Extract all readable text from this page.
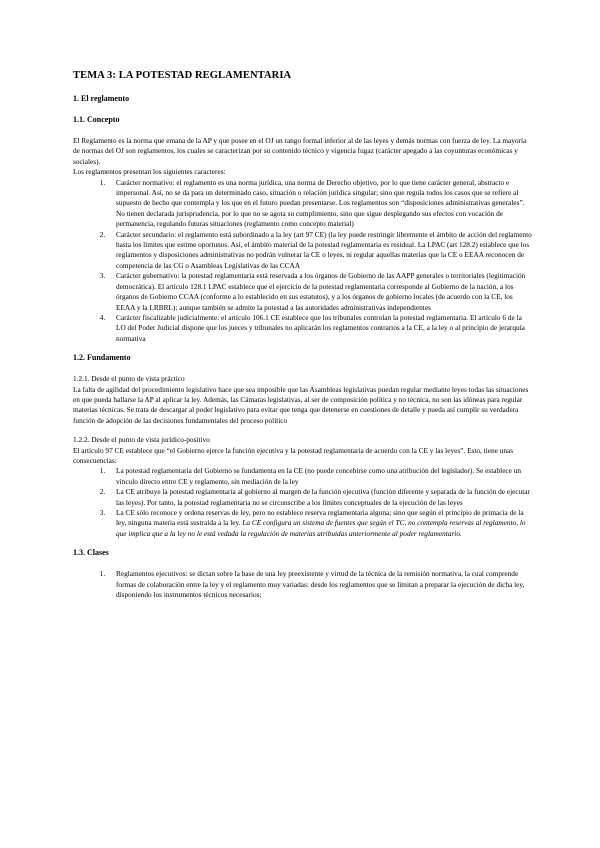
TEMA 3: LA POTESTAD REGLAMENTARIA
1. El reglamento
1.1. Concepto

El Reglamento es la norma que emana de la AP y que posee en el OJ un rango formal inferior al de las leyes y demás normas con fuerza de ley. La mayoría de normas del OJ son reglamentos, los cuales se caracterizan por su contenido técnico y vigencia fugaz (carácter apegado a las coyunturas económicas y sociales).

Los reglamentos presentan los siguientes caracteres:

1. Carácter normativo: el reglamento es una norma jurídica, una norma de Derecho objetivo, por lo que tiene carácter general, abstracto e impersonal. Así, no se da para un determinado caso, situación o relación jurídica singular; sino que regula todos los casos que se refiere al supuesto de hecho que contempla y los que en el futuro puedan presentarse. Los reglamentos son “disposiciones administrativas generales”. No tienen declarada jurisprudencia, por lo que no se agota su cumplimiento, sino que sigue desplegando sus efectos con vocación de permanencia, regulando futuras situaciones (reglamento como concepto material)
2. Carácter secundario: el reglamento está subordinado a la ley (art 97 CE) (la ley puede restringir libremente el ámbito de acción del reglamento hasta los límites que estime oportunos. Así, el ámbito material de la potestad reglamentaria es residual. La LPAC (art 128.2) establece que los reglamentos y disposiciones administrativas no podrán vulnerar la CE o leyes, ni regular aquellas materias que la CE o EEAA reconocen de competencia de las CG o Asambleas Legislativas de las CCAA
3. Carácter gubernativo: la potestad reglamentaria está reservada a los órganos de Gobierno de las AAPP generales o territoriales (legitimación democrática). El artículo 128.1 LPAC establece que el ejercicio de la potestad reglamentaria corresponde al Gobierno de la nación, a los órganos de Gobierno CCAA (conforme a lo establecido en sus estatutos), y a los órganos de gobierno locales (de acuerdo con la CE, los EEAA y la LRBRL); aunque también se admite la potestad a las autoridades administrativas independientes
4. Carácter fiscalizable judicialmente: el artículo 106.1 CE establece que los tribunales controlan la potestad reglamentaria. El artículo 6 de la LO del Poder Judicial dispone que los jueces y tribunales no aplicarán los reglamentos contrarios a la CE, a la ley o al principio de jerarquía normativa
1.2. Fundamento

1.2.1. Desde el punto de vista práctico

La falta de agilidad del procedimiento legislativo hace que sea imposible que las Asambleas legislativas puedan regular mediante leyes todas las situaciones en que pueda hallarse la AP al aplicar la ley. Además, las Cámaras legislativas, al ser de composición política y no técnica, no son las idóneas para regular materias técnicas. Se trata de descargar al poder legislativo para evitar que tenga que detenerse en cuestiones de detalle y pueda así cumplir su verdadera función de adopción de las decisiones fundamentales del proceso político

1.2.2. Desde el punto de vista jurídico-positivo

El artículo 97 CE establece que “el Gobierno ejerce la función ejecutiva y la potestad reglamentaria de acuerdo con la CE y las leyes”. Esto, tiene unas consecuencias:

1. La potestad reglamentaria del Gobierno se fundamenta en la CE (no puede concebirse como una atribución del legislador). Se establece un vínculo directo entre CE y reglamento, sin mediación de la ley
2. La CE atribuye la potestad reglamentaria al gobierno al margen de la función ejecutiva (función diferente y separada de la función de ejecutar las leyes). Por tanto, la potestad reglamentaria no se circunscribe a los límites conceptuales de la ejecución de las leyes
3. La CE sólo reconoce y ordena reservas de ley, pero no establece reserva reglamentaria alguna; sino que según el principio de primacía de la ley, ninguna materia está sustraída a la ley. La CE configura un sistema de fuentes que según el TC, no contempla reservas al reglamento, lo que implica que a la ley no le está vedada la regulación de materias atribuidas anteriormente al poder reglamentario.
1.3. Clases
1. Reglamentos ejecutivos: se dictan sobre la base de una ley preexistente y virtud de la técnica de la remisión normativa, la cual comprende formas de colaboración entre la ley y el reglamento muy variadas: desde los reglamentos que se limitan a preparar la ejecución de dicha ley, disponiendo los instrumentos técnicos necesarios;
